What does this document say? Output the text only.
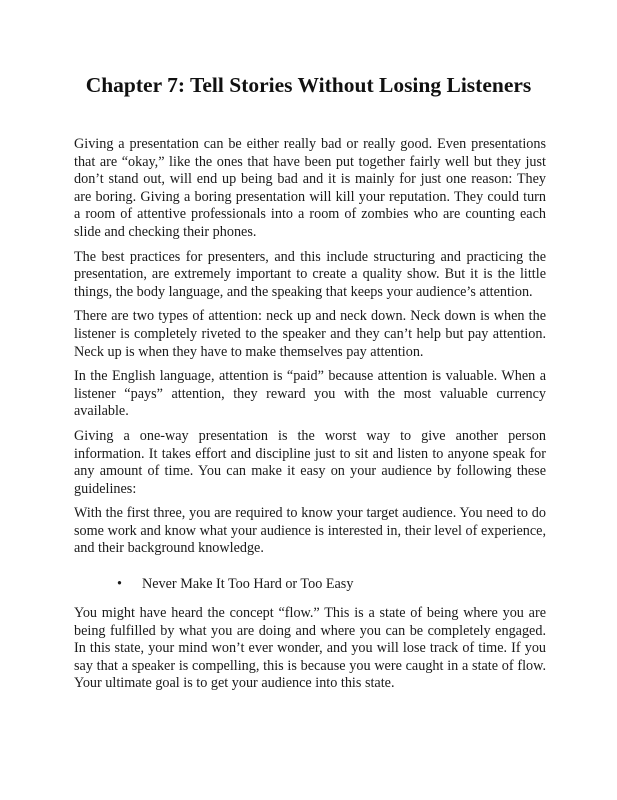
Chapter 7: Tell Stories Without Losing Listeners

Giving a presentation can be either really bad or really good. Even presentations that are “okay,” like the ones that have been put together fairly well but they just don’t stand out, will end up being bad and it is mainly for just one reason: They are boring. Giving a boring presentation will kill your reputation. They could turn a room of attentive professionals into a room of zombies who are counting each slide and checking their phones.

The best practices for presenters, and this include structuring and practicing the presentation, are extremely important to create a quality show. But it is the little things, the body language, and the speaking that keeps your audience’s attention.

There are two types of attention: neck up and neck down. Neck down is when the listener is completely riveted to the speaker and they can’t help but pay attention. Neck up is when they have to make themselves pay attention.

In the English language, attention is “paid” because attention is valuable. When a listener “pays” attention, they reward you with the most valuable currency available.

Giving a one-way presentation is the worst way to give another person information. It takes effort and discipline just to sit and listen to anyone speak for any amount of time. You can make it easy on your audience by following these guidelines:

With the first three, you are required to know your target audience. You need to do some work and know what your audience is interested in, their level of experience, and their background knowledge.

• Never Make It Too Hard or Too Easy

You might have heard the concept “flow.” This is a state of being where you are being fulfilled by what you are doing and where you can be completely engaged. In this state, your mind won’t ever wonder, and you will lose track of time. If you say that a speaker is compelling, this is because you were caught in a state of flow. Your ultimate goal is to get your audience into this state.
